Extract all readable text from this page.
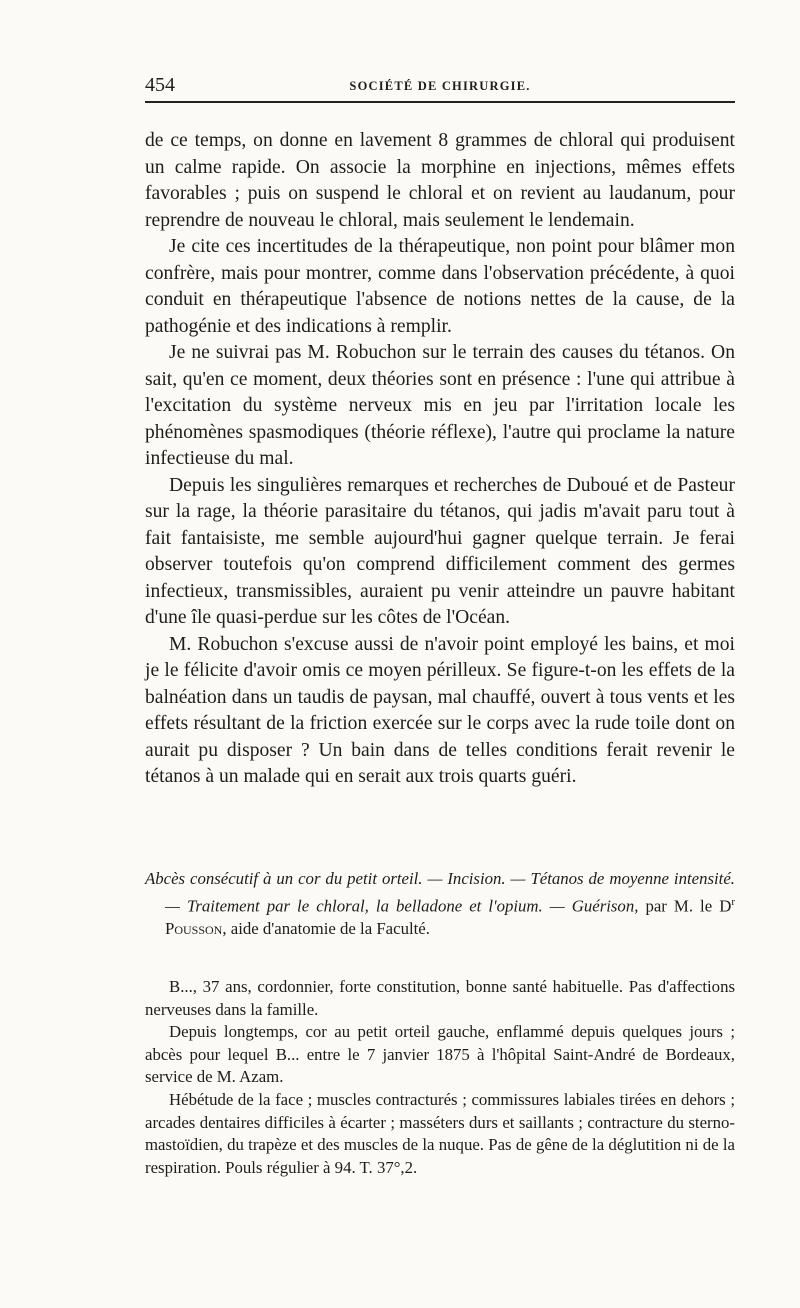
454	SOCIÉTÉ DE CHIRURGIE.

de ce temps, on donne en lavement 8 grammes de chloral qui produisent un calme rapide. On associe la morphine en injections, mêmes effets favorables ; puis on suspend le chloral et on revient au laudanum, pour reprendre de nouveau le chloral, mais seulement le lendemain.

Je cite ces incertitudes de la thérapeutique, non point pour blâmer mon confrère, mais pour montrer, comme dans l'observation précédente, à quoi conduit en thérapeutique l'absence de notions nettes de la cause, de la pathogénie et des indications à remplir.

Je ne suivrai pas M. Robuchon sur le terrain des causes du tétanos. On sait, qu'en ce moment, deux théories sont en présence : l'une qui attribue à l'excitation du système nerveux mis en jeu par l'irritation locale les phénomènes spasmodiques (théorie réflexe), l'autre qui proclame la nature infectieuse du mal.

Depuis les singulières remarques et recherches de Duboué et de Pasteur sur la rage, la théorie parasitaire du tétanos, qui jadis m'avait paru tout à fait fantaisiste, me semble aujourd'hui gagner quelque terrain. Je ferai observer toutefois qu'on comprend difficilement comment des germes infectieux, transmissibles, auraient pu venir atteindre un pauvre habitant d'une île quasi-perdue sur les côtes de l'Océan.

M. Robuchon s'excuse aussi de n'avoir point employé les bains, et moi je le félicite d'avoir omis ce moyen périlleux. Se figure-t-on les effets de la balnéation dans un taudis de paysan, mal chauffé, ouvert à tous vents et les effets résultant de la friction exercée sur le corps avec la rude toile dont on aurait pu disposer ? Un bain dans de telles conditions ferait revenir le tétanos à un malade qui en serait aux trois quarts guéri.

Abcès consécutif à un cor du petit orteil. — Incision. — Tétanos de moyenne intensité. — Traitement par le chloral, la belladone et l'opium. — Guérison, par M. le $D^r$ Pousson, aide d'anatomie de la Faculté.

B..., 37 ans, cordonnier, forte constitution, bonne santé habituelle. Pas d'affections nerveuses dans la famille.

Depuis longtemps, cor au petit orteil gauche, enflammé depuis quelques jours ; abcès pour lequel B... entre le 7 janvier 1875 à l'hôpital Saint-André de Bordeaux, service de M. Azam.

Hébétude de la face ; muscles contracturés ; commissures labiales tirées en dehors ; arcades dentaires difficiles à écarter ; masséters durs et saillants ; contracture du sterno-mastoïdien, du trapèze et des muscles de la nuque. Pas de gêne de la déglutition ni de la respiration. Pouls régulier à 94. T. 37°,2.
